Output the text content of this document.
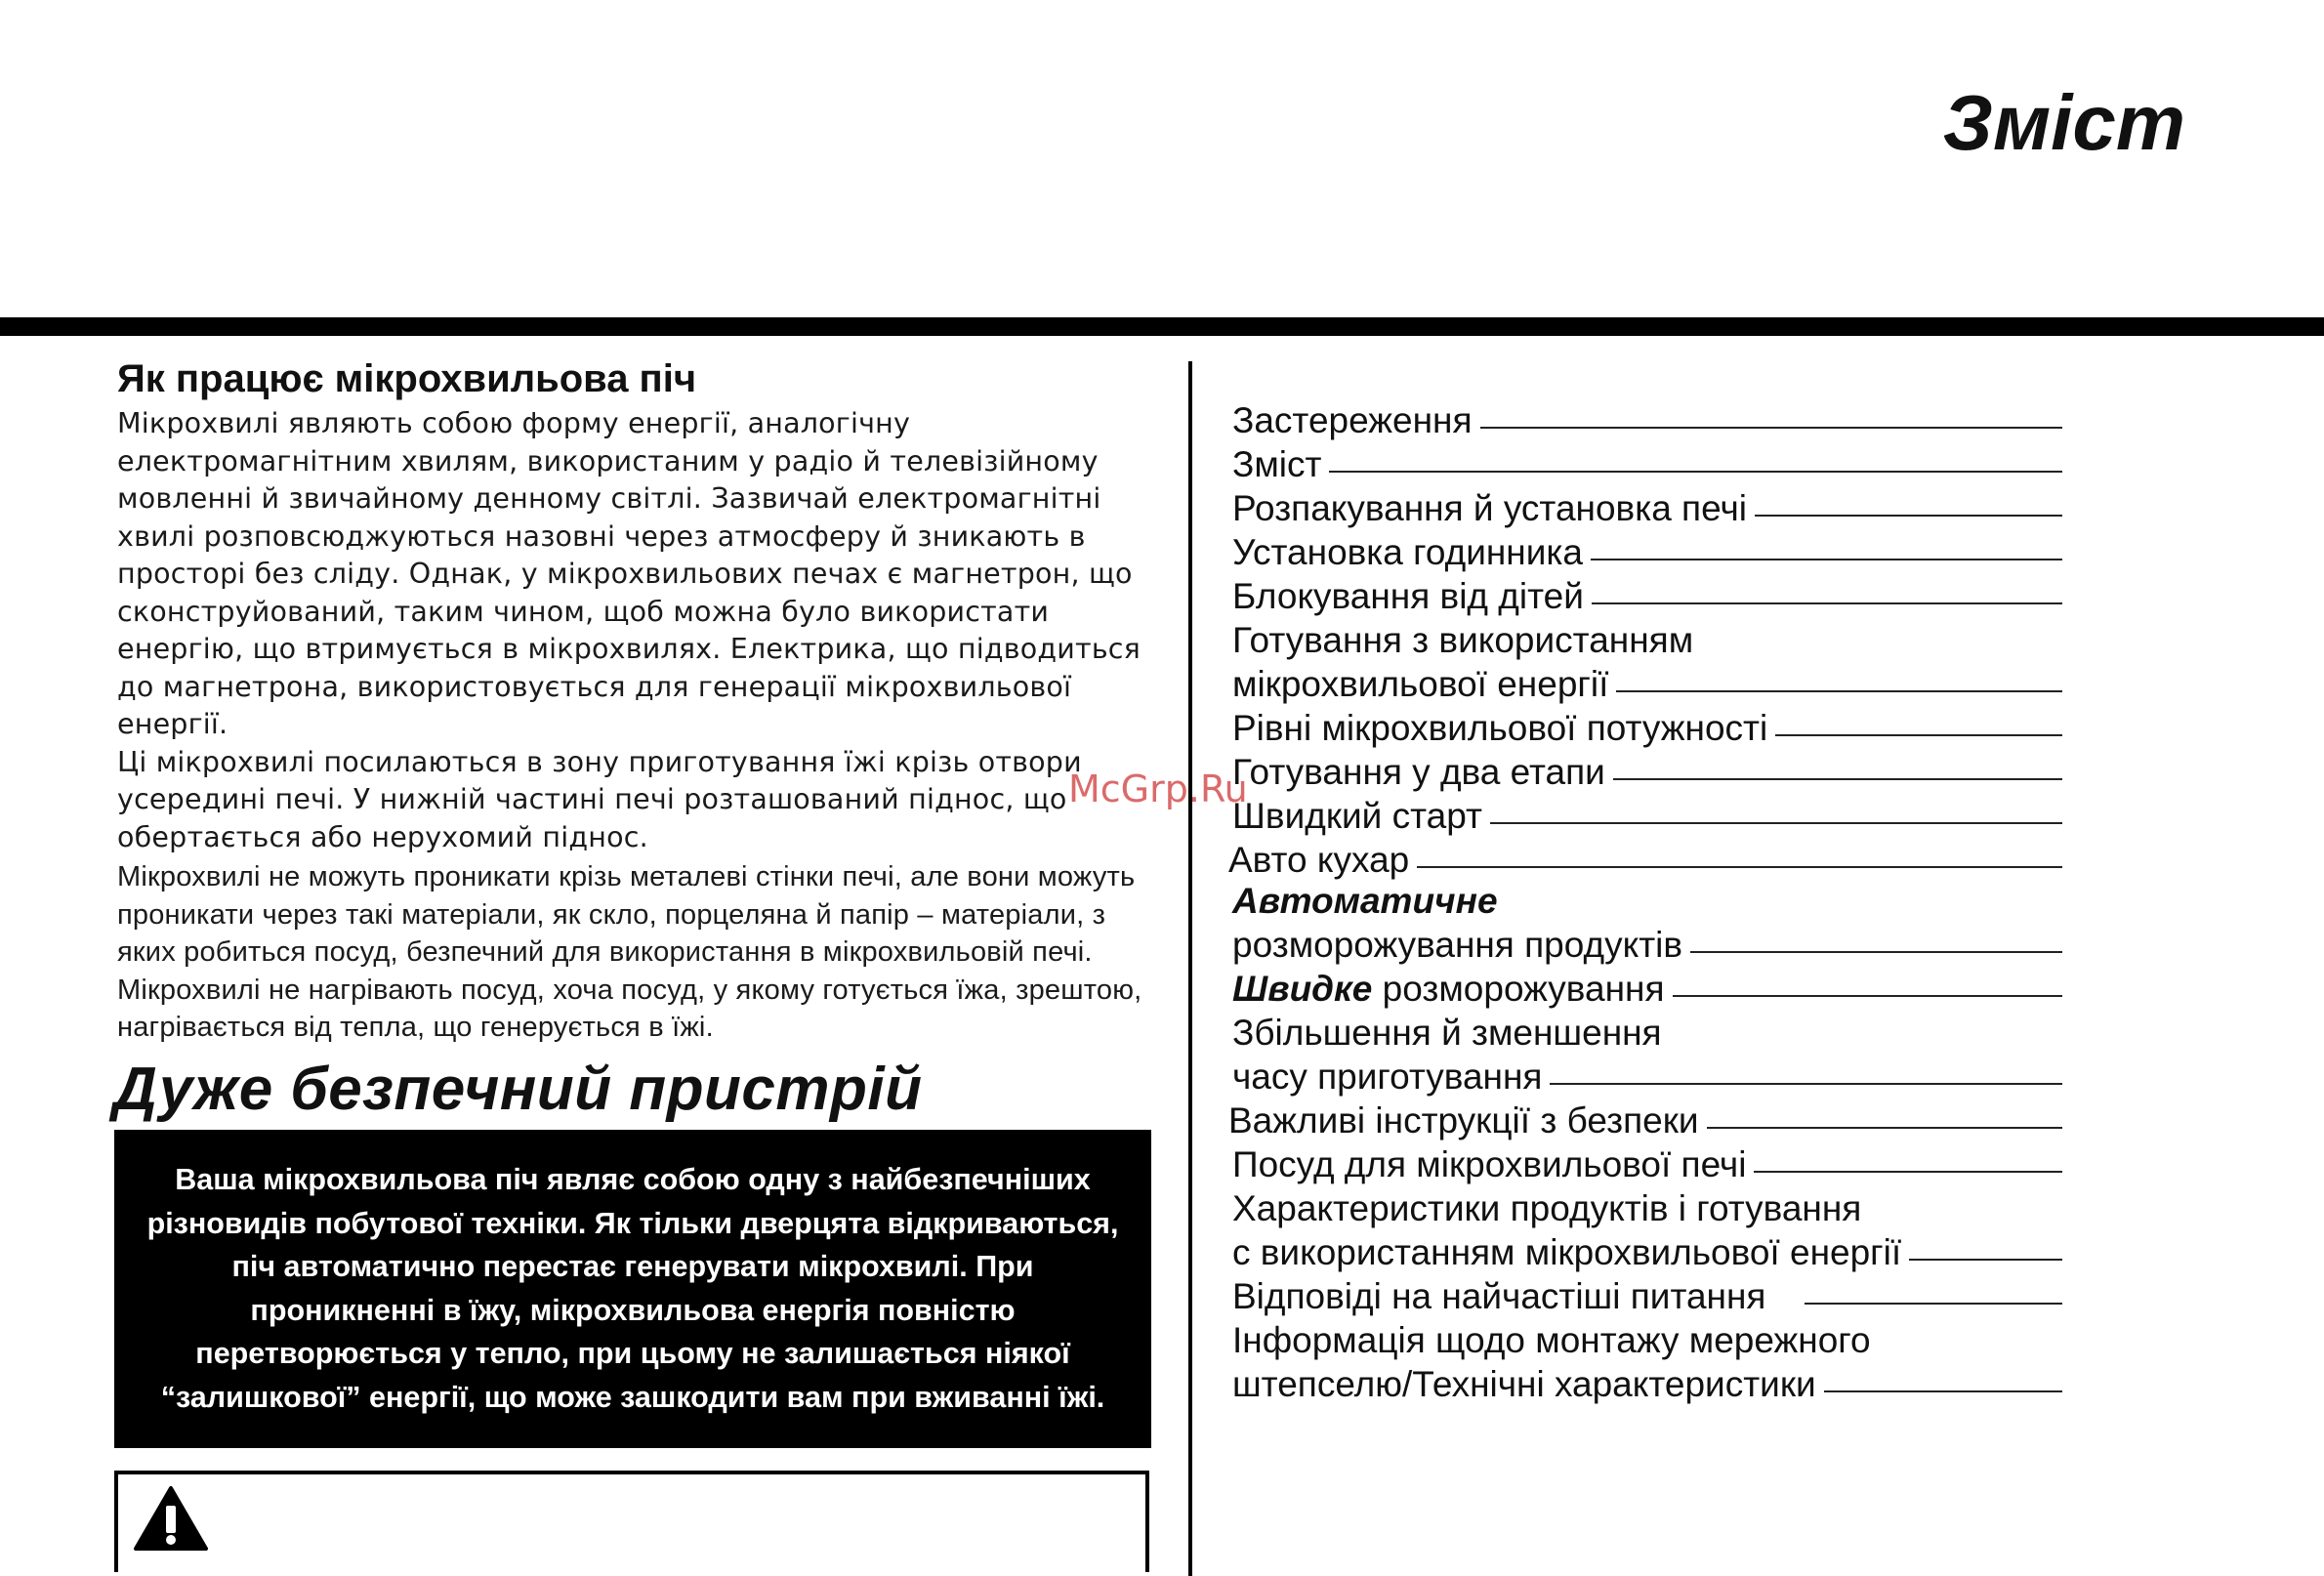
Зміст
Як працює мікрохвильова піч

Мікрохвилі являють собою форму енергії, аналогічну електромагнітним хвилям, використаним у радіо й телевізійному мовленні й звичайному денному світлі. Зазвичай електромагнітні хвилі розповсюджуються назовні через атмосферу й зникають в просторі без сліду. Однак, у мікрохвильових печах є магнетрон, що сконструйований, таким чином, щоб можна було використати енергію, що втримується в мікрохвилях. Електрика, що підводиться до магнетрона, використовується для генерації мікрохвильової енергії.

Ці мікрохвилі посилаються в зону приготування їжі крізь отвори усередині печі. У нижній частині печі розташований піднос, що обертається або нерухомий піднос.

Мікрохвилі не можуть проникати крізь металеві стінки печі, але вони можуть проникати через такі матеріали, як скло, порцеляна й папір – матеріали, з яких робиться посуд, безпечний для використання в мікрохвильовій печі.

Мікрохвилі не нагрівають посуд, хоча посуд, у якому готується їжа, зрештою, нагрівається від тепла, що генерується в їжі.

Дуже безпечний пристрій

Ваша мікрохвильова піч являє собою одну з найбезпечніших різновидів побутової техніки. Як тільки дверцята відкриваються, піч автоматично перестає генерувати мікрохвилі. При проникненні в їжу, мікрохвильова енергія повністю перетворюється у тепло, при цьому не залишається ніякої “залишкової” енергії, що може зашкодити вам при вживанні їжі.

Застереження
Зміст
Розпакування й установка печі
Установка годинника
Блокування від дітей
Готування з використанням
мікрохвильової енергії
Рівні мікрохвильової потужності
Готування у два етапи
Швидкий старт
Авто кухар
Автоматичне
розморожування продуктів
Швидке
розморожування
Збільшення й зменшення
часу приготування
Важливі інструкції з безпеки
Посуд для мікрохвильової печі
Характеристики продуктів і готування
с використанням мікрохвильової енергії
Відповіді на найчастіші питання
Інформація щодо монтажу мережного
штепселю/Технічні характеристики
McGrp.Ru
